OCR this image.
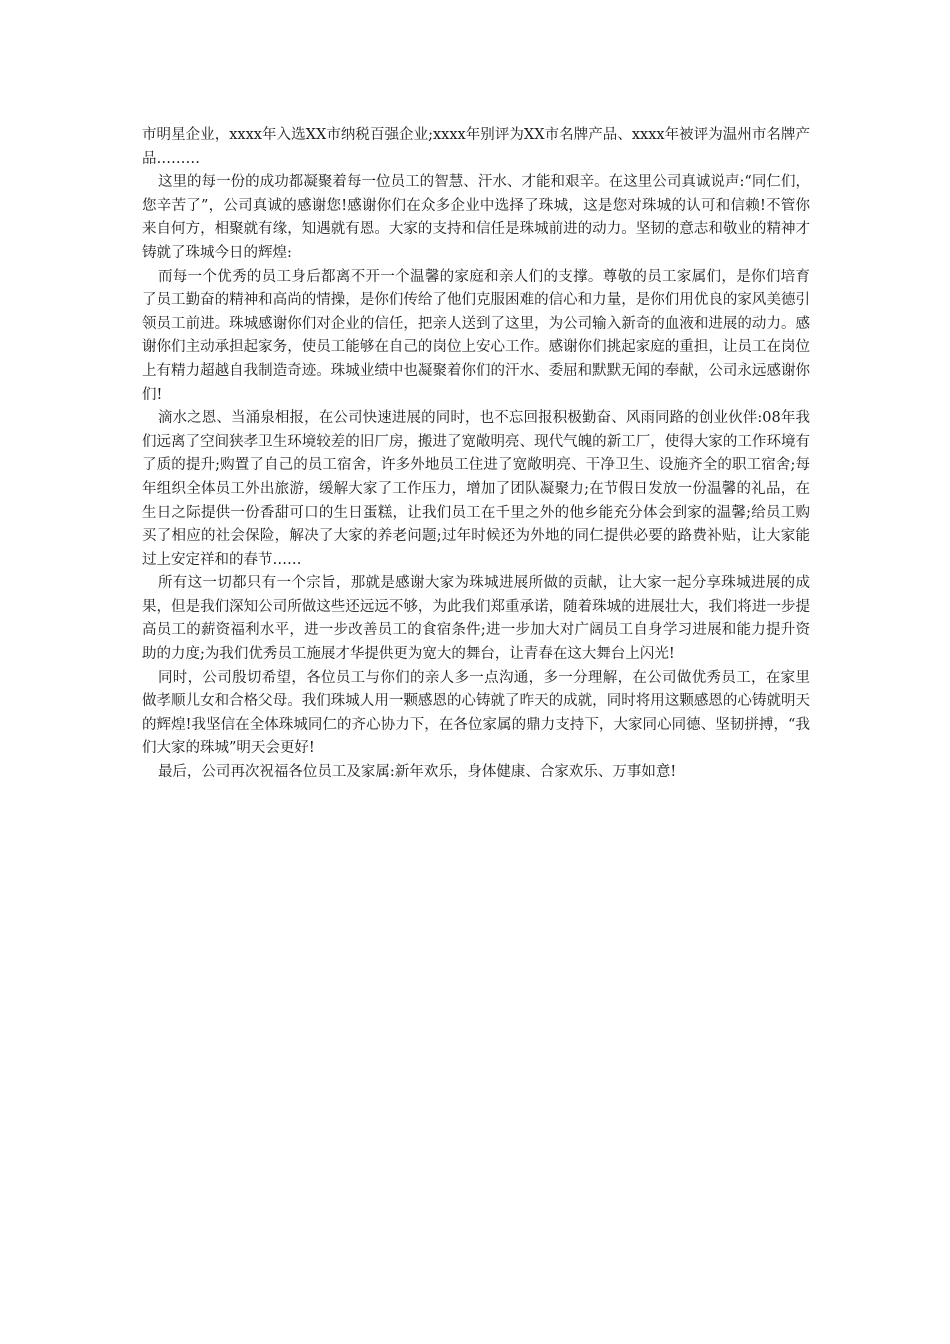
市明星企业，xxxx年入选XX市纳税百强企业;xxxx年别评为XX市名牌产品、xxxx年被评为温州市名牌产品………

这里的每一份的成功都凝聚着每一位员工的智慧、汗水、才能和艰辛。在这里公司真诚说声:“同仁们，您辛苦了”，公司真诚的感谢您!感谢你们在众多企业中选择了珠城，这是您对珠城的认可和信赖!不管你来自何方，相聚就有缘，知遇就有恩。大家的支持和信任是珠城前进的动力。坚韧的意志和敬业的精神才铸就了珠城今日的辉煌:

而每一个优秀的员工身后都离不开一个温馨的家庭和亲人们的支撑。尊敬的员工家属们，是你们培育了员工勤奋的精神和高尚的情操，是你们传给了他们克服困难的信心和力量，是你们用优良的家风美德引领员工前进。珠城感谢你们对企业的信任，把亲人送到了这里，为公司输入新奇的血液和进展的动力。感谢你们主动承担起家务，使员工能够在自己的岗位上安心工作。感谢你们挑起家庭的重担，让员工在岗位上有精力超越自我制造奇迹。珠城业绩中也凝聚着你们的汗水、委屈和默默无闻的奉献，公司永远感谢你们!

滴水之恩、当涌泉相报，在公司快速进展的同时，也不忘回报积极勤奋、风雨同路的创业伙伴:08年我们远离了空间狭孝卫生环境较差的旧厂房，搬进了宽敞明亮、现代气魄的新工厂，使得大家的工作环境有了质的提升;购置了自己的员工宿舍，许多外地员工住进了宽敞明亮、干净卫生、设施齐全的职工宿舍;每年组织全体员工外出旅游，缓解大家了工作压力，增加了团队凝聚力;在节假日发放一份温馨的礼品，在生日之际提供一份香甜可口的生日蛋糕，让我们员工在千里之外的他乡能充分体会到家的温馨;给员工购买了相应的社会保险，解决了大家的养老问题;过年时候还为外地的同仁提供必要的路费补贴，让大家能过上安定祥和的春节……

所有这一切都只有一个宗旨，那就是感谢大家为珠城进展所做的贡献，让大家一起分享珠城进展的成果，但是我们深知公司所做这些还远远不够，为此我们郑重承诺，随着珠城的进展壮大，我们将进一步提高员工的薪资福利水平，进一步改善员工的食宿条件;进一步加大对广阔员工自身学习进展和能力提升资助的力度;为我们优秀员工施展才华提供更为宽大的舞台，让青春在这大舞台上闪光!

同时，公司殷切希望，各位员工与你们的亲人多一点沟通，多一分理解，在公司做优秀员工，在家里做孝顺儿女和合格父母。我们珠城人用一颗感恩的心铸就了昨天的成就，同时将用这颗感恩的心铸就明天的辉煌!我坚信在全体珠城同仁的齐心协力下，在各位家属的鼎力支持下，大家同心同德、坚韧拼搏，“我们大家的珠城”明天会更好!

最后，公司再次祝福各位员工及家属:新年欢乐，身体健康、合家欢乐、万事如意!
